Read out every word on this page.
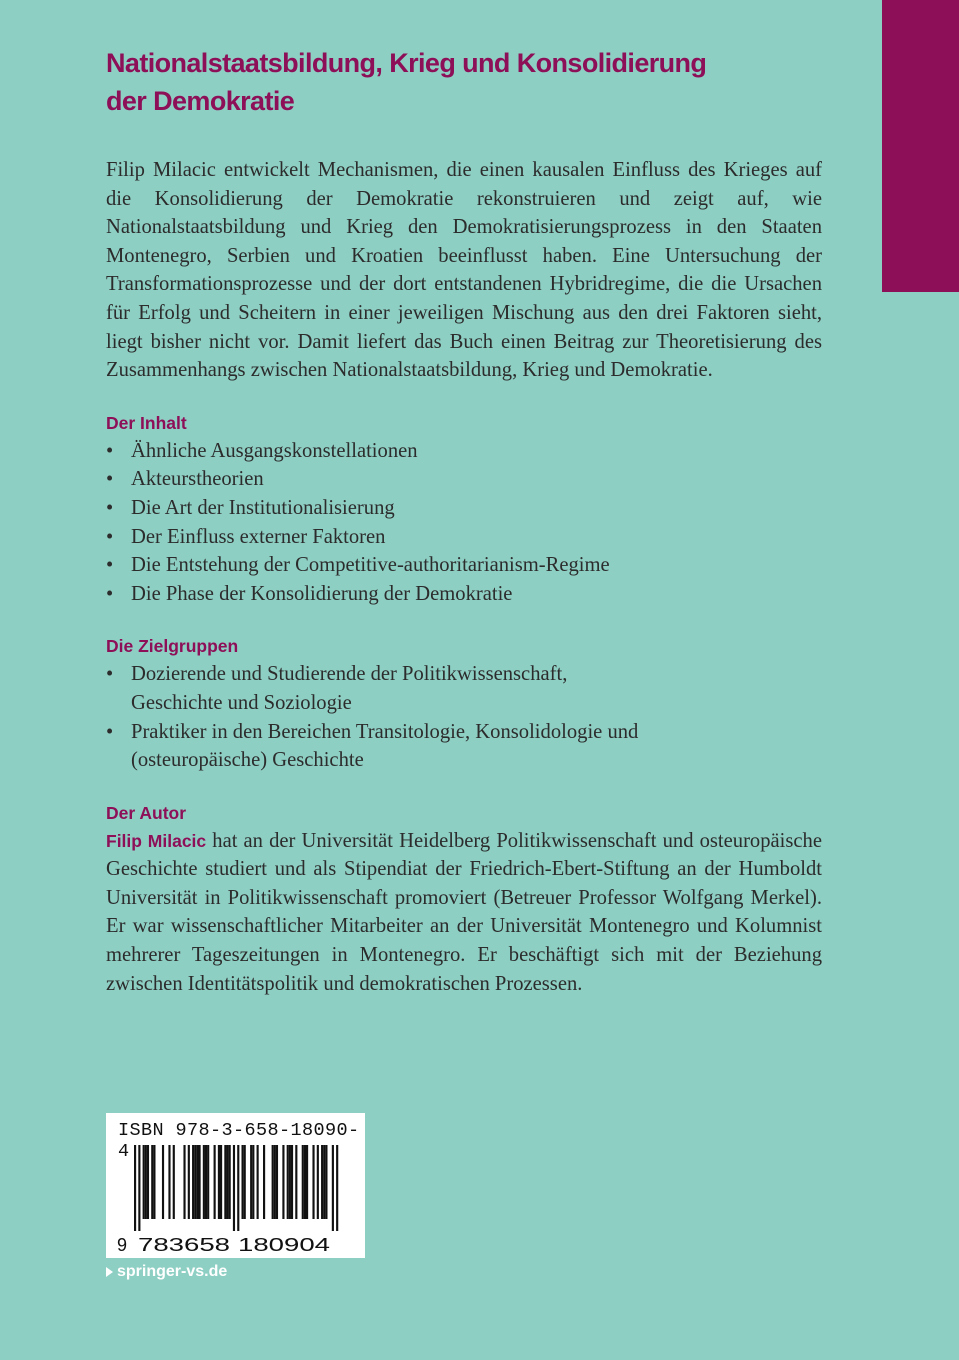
Nationalstaatsbildung, Krieg und Konsolidierung
der Demokratie

Filip Milacic entwickelt Mechanismen, die einen kausalen Einfluss des Krieges auf die Konsolidierung der Demokratie rekonstruieren und zeigt auf, wie Nationalstaatsbildung und Krieg den Demokratisierungsprozess in den Staaten Montenegro, Serbien und Kroatien beeinflusst haben. Eine Untersuchung der Transformationsprozesse und der dort entstandenen Hybridregime, die die Ursachen für Erfolg und Scheitern in einer jeweiligen Mischung aus den drei Faktoren sieht, liegt bisher nicht vor. Damit liefert das Buch einen Beitrag zur Theoretisierung des Zusammenhangs zwischen Nationalstaatsbildung, Krieg und Demokratie.

Der Inhalt
• Ähnliche Ausgangskonstellationen
• Akteurstheorien
• Die Art der Institutionalisierung
• Der Einfluss externer Faktoren
• Die Entstehung der Competitive-authoritarianism-Regime
• Die Phase der Konsolidierung der Demokratie
Die Zielgruppen
• Dozierende und Studierende der Politikwissenschaft, Geschichte und Soziologie
• Praktiker in den Bereichen Transitologie, Konsolidologie und (osteuropäische) Geschichte
Der Autor

Filip Milacic hat an der Universität Heidelberg Politikwissenschaft und osteuropäische Geschichte studiert und als Stipendiat der Friedrich-Ebert-Stiftung an der Humboldt Universität in Politikwissenschaft promoviert (Betreuer Professor Wolfgang Merkel). Er war wissenschaftlicher Mitarbeiter an der Universität Montenegro und Kolumnist mehrerer Tageszeitungen in Montenegro. Er beschäftigt sich mit der Beziehung zwischen Identitätspolitik und demokratischen Prozessen.

ISBN 978-3-658-18090-4
9 783658 180904
springer-vs.de
